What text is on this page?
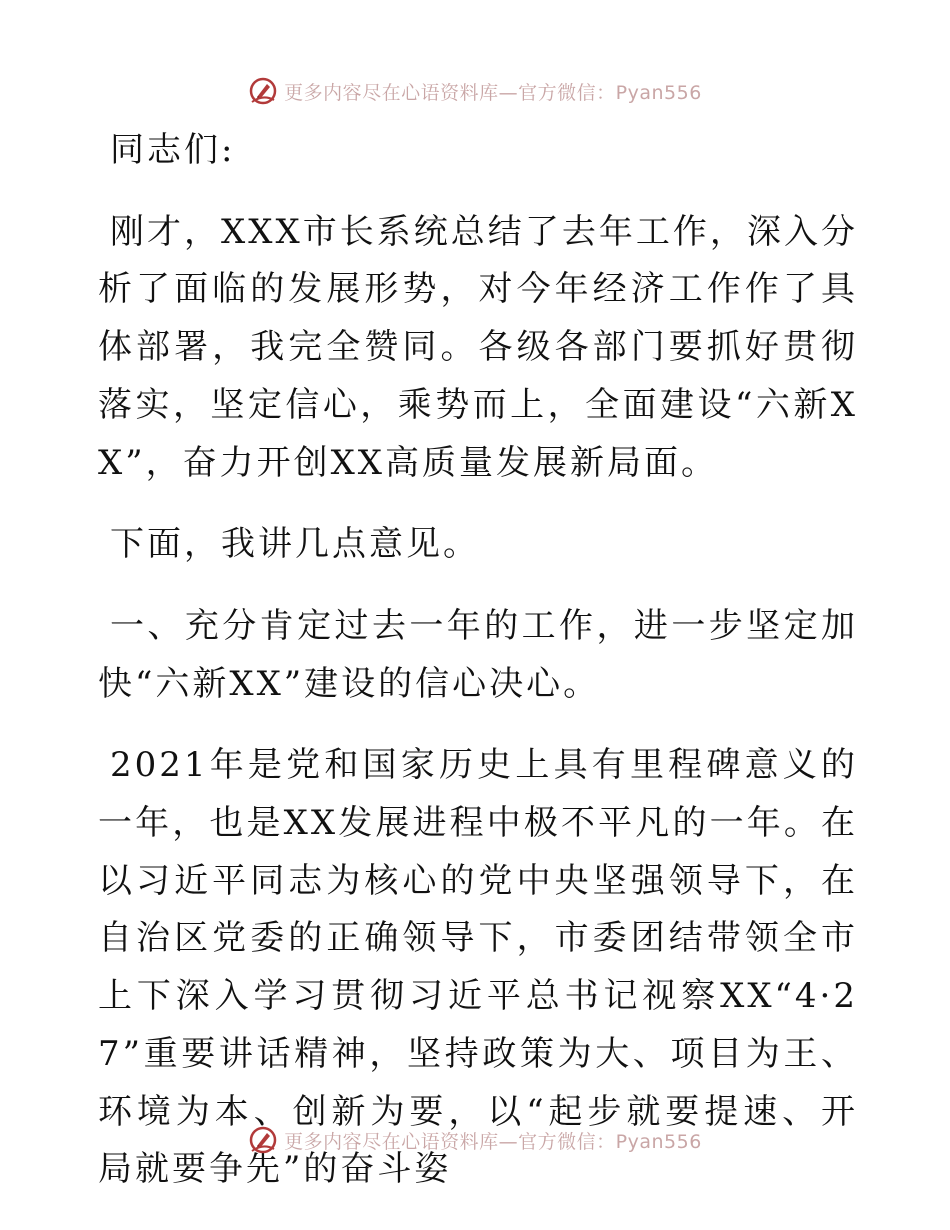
更多内容尽在心语资料库—官方微信：Pyan556

同志们:

刚才，XXX市长系统总结了去年工作，深入分析了面临的发展形势，对今年经济工作作了具体部署，我完全赞同。各级各部门要抓好贯彻落实，坚定信心，乘势而上，全面建设“六新XX”，奋力开创XX高质量发展新局面。

下面，我讲几点意见。

一、充分肯定过去一年的工作，进一步坚定加快“六新XX”建设的信心决心。

2021年是党和国家历史上具有里程碑意义的一年，也是XX发展进程中极不平凡的一年。在以习近平同志为核心的党中央坚强领导下，在自治区党委的正确领导下，市委团结带领全市上下深入学习贯彻习近平总书记视察XX“4·27”重要讲话精神，坚持政策为大、项目为王、环境为本、创新为要，以“起步就要提速、开局就要争先”的奋斗姿

更多内容尽在心语资料库—官方微信：Pyan556
